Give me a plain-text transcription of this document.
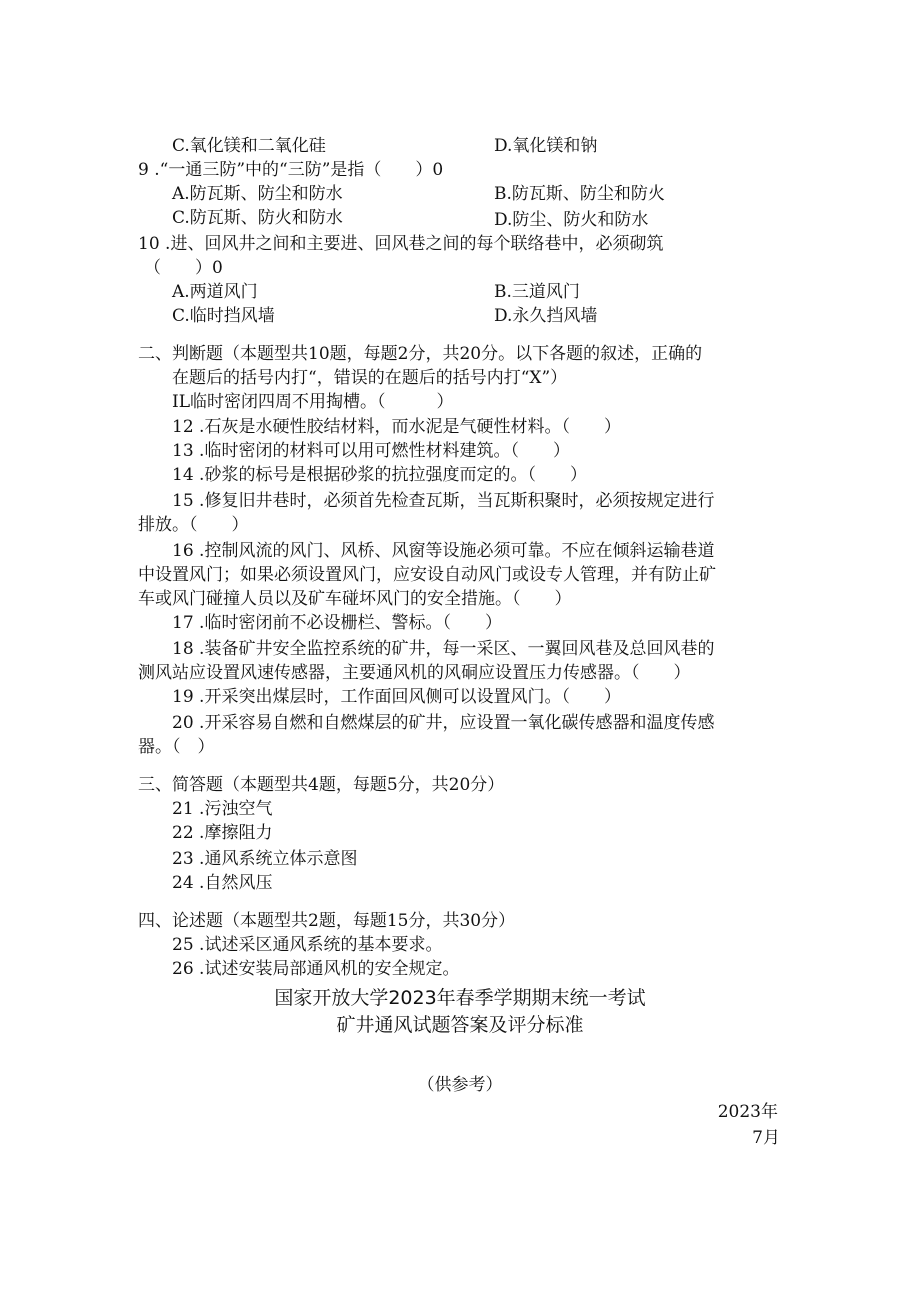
C.氧化镁和二氧化硅	D.氧化镁和钠
9 .“一通三防”中的“三防”是指（　　）0
A.防瓦斯、防尘和防水	B.防瓦斯、防尘和防火
C.防瓦斯、防火和防水	D.防尘、防火和防水
10 .进、回风井之间和主要进、回风巷之间的每个联络巷中，必须砌筑
（　　）0
A.两道风门	B.三道风门
C.临时挡风墙	D.永久挡风墙
二、判断题（本题型共10题，每题2分，共20分。以下各题的叙述，正确的
在题后的括号内打“，错误的在题后的括号内打“X”）
IL临时密闭四周不用掏槽。（　　　）
12 .石灰是水硬性胶结材料，而水泥是气硬性材料。（　　）
13 .临时密闭的材料可以用可燃性材料建筑。（　　）
14 .砂浆的标号是根据砂浆的抗拉强度而定的。（　　）
15 .修复旧井巷时，必须首先检查瓦斯，当瓦斯积聚时，必须按规定进行
排放。（　　）
16 .控制风流的风门、风桥、风窗等设施必须可靠。不应在倾斜运输巷道
中设置风门；如果必须设置风门，应安设自动风门或设专人管理，并有防止矿
车或风门碰撞人员以及矿车碰坏风门的安全措施。（　　）
17 .临时密闭前不必设栅栏、警标。（　　）
18 .装备矿井安全监控系统的矿井，每一采区、一翼回风巷及总回风巷的
测风站应设置风速传感器，主要通风机的风硐应设置压力传感器。（　　）
19 .开采突出煤层时，工作面回风侧可以设置风门。（　　）
20 .开采容易自燃和自燃煤层的矿井，应设置一氧化碳传感器和温度传感
器。（　）
三、简答题（本题型共4题，每题5分，共20分）
21 .污浊空气
22 .摩擦阻力
23 .通风系统立体示意图
24 .自然风压
四、论述题（本题型共2题，每题15分，共30分）
25 .试述采区通风系统的基本要求。
26 .试述安装局部通风机的安全规定。
国家开放大学2023年春季学期期末统一考试
矿井通风试题答案及评分标准
（供参考）
2023年
7月
